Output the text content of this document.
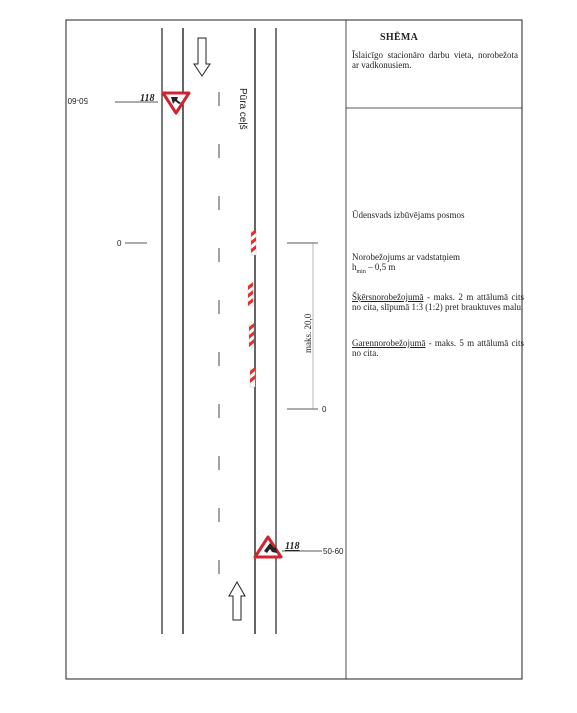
50-60	118	Pūra ceļš
0
maks. 20,0
0
118	50-60
SHĒMA
Īslaicīgo stacionāro darbu vieta, norobežota ar vadkonusiem.
Ūdensvads izbūvējams posmos
Norobežojums ar vadstatņiem
$h_{min} - 0,5$ m
Šķērsnorobežojumā - maks. 2 m attālumā cits no cita, slīpumā 1:3 (1:2) pret brauktuves malu.
Garennorobežojumā - maks. 5 m attālumā cits no cita.
